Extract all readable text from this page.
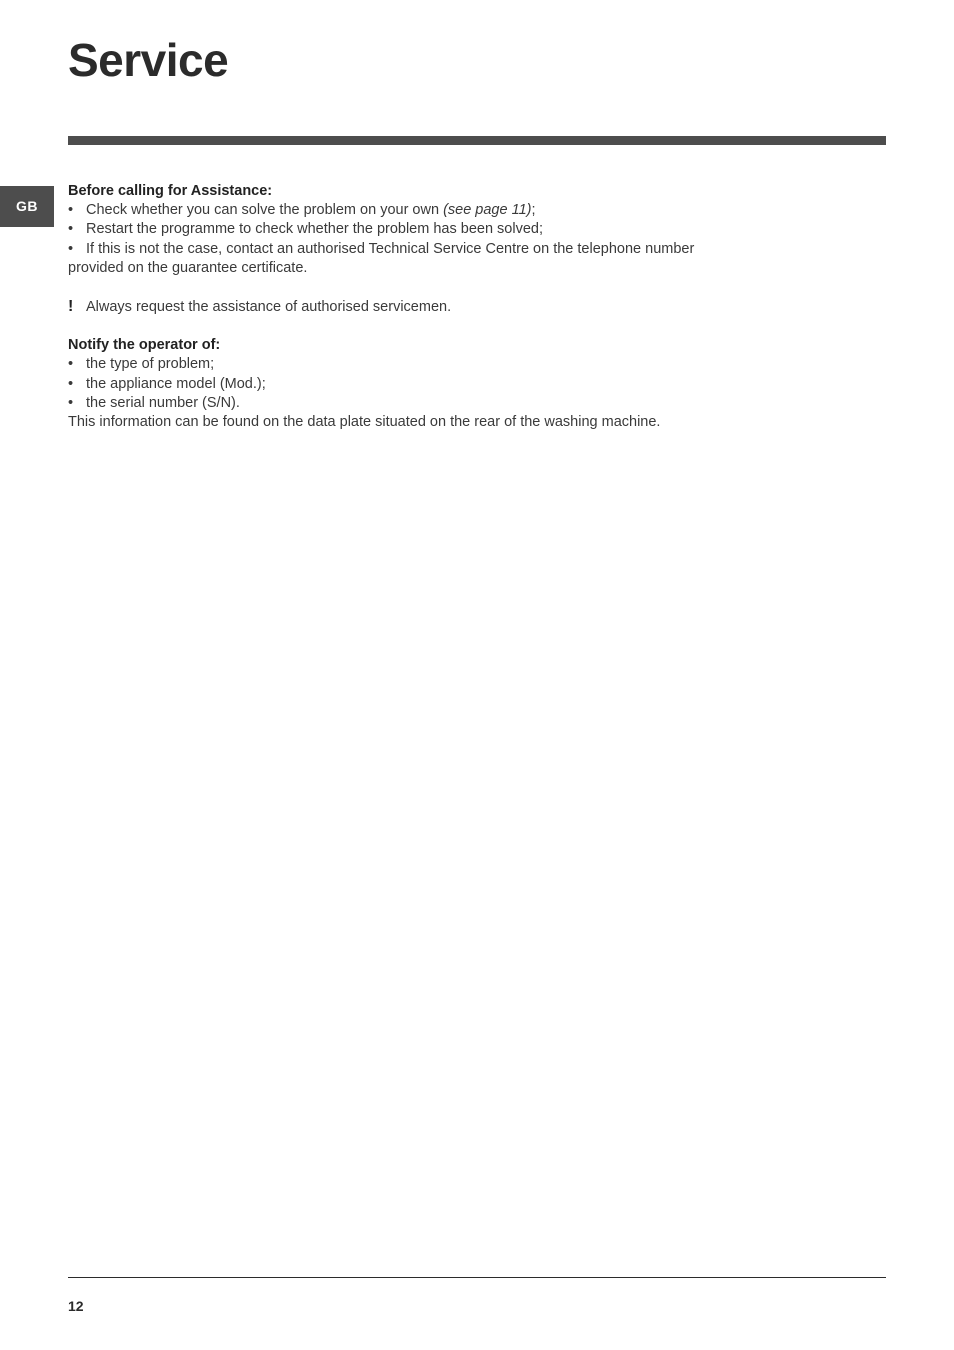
Service
GB

Before calling for Assistance:

• Check whether you can solve the problem on your own (see page 11);
• Restart the programme to check whether the problem has been solved;
• If this is not the case, contact an authorised Technical Service Centre on the telephone number

provided on the guarantee certificate.

! Always request the assistance of authorised servicemen.

Notify the operator of:

• the type of problem;
• the appliance model (Mod.);
• the serial number (S/N).

This information can be found on the data plate situated on the rear of the washing machine.

12
